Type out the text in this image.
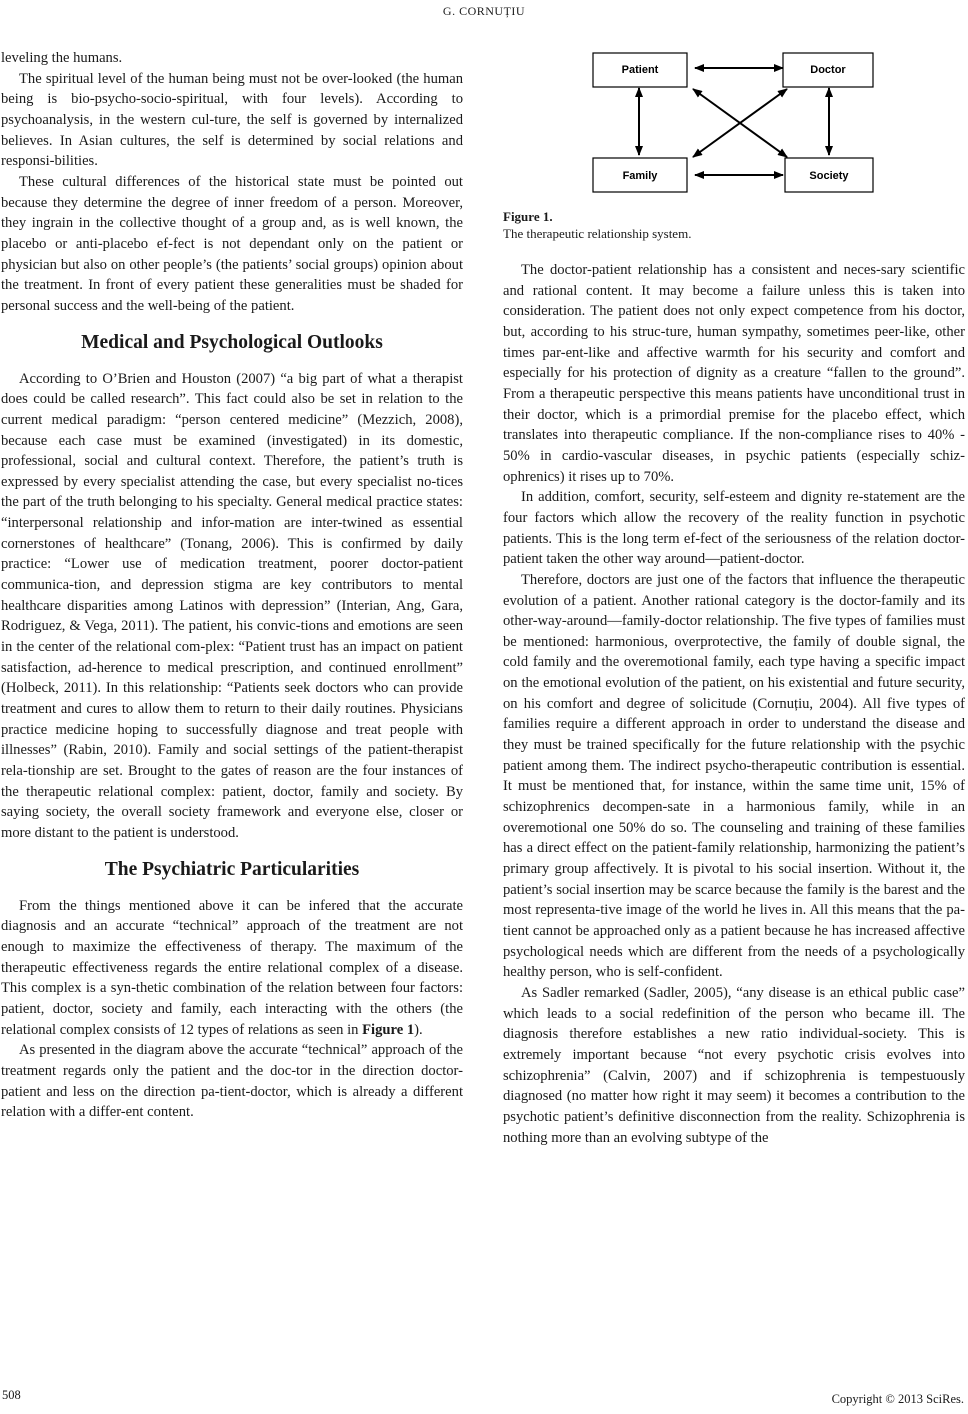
G. CORNUȚIU

leveling the humans.

The spiritual level of the human being must not be over-looked (the human being is bio-psycho-socio-spiritual, with four levels). According to psychoanalysis, in the western cul-ture, the self is governed by internalized believes. In Asian cultures, the self is determined by social relations and responsi-bilities.

These cultural differences of the historical state must be pointed out because they determine the degree of inner freedom of a person. Moreover, they ingrain in the collective thought of a group and, as is well known, the placebo or anti-placebo ef-fect is not dependant only on the patient or physician but also on other people’s (the patients’ social groups) opinion about the treatment. In front of every patient these generalities must be shaded for personal success and the well-being of the patient.

Medical and Psychological Outlooks

According to O’Brien and Houston (2007) “a big part of what a therapist does could be called research”. This fact could also be set in relation to the current medical paradigm: “person centered medicine” (Mezzich, 2008), because each case must be examined (investigated) in its domestic, professional, social and cultural context. Therefore, the patient’s truth is expressed by every specialist attending the case, but every specialist no-tices the part of the truth belonging to his specialty. General medical practice states: “interpersonal relationship and infor-mation are inter-twined as essential cornerstones of healthcare” (Tonang, 2006). This is confirmed by daily practice: “Lower use of medication treatment, poorer doctor-patient communica-tion, and depression stigma are key contributors to mental healthcare disparities among Latinos with depression” (Interian, Ang, Gara, Rodriguez, & Vega, 2011). The patient, his convic-tions and emotions are seen in the center of the relational com-plex: “Patient trust has an impact on patient satisfaction, ad-herence to medical prescription, and continued enrollment” (Holbeck, 2011). In this relationship: “Patients seek doctors who can provide treatment and cures to allow them to return to their daily routines. Physicians practice medicine hoping to successfully diagnose and treat people with illnesses” (Rabin, 2010). Family and social settings of the patient-therapist rela-tionship are set. Brought to the gates of reason are the four instances of the therapeutic relational complex: patient, doctor, family and society. By saying society, the overall society framework and everyone else, closer or more distant to the patient is understood.

The Psychiatric Particularities

From the things mentioned above it can be infered that the accurate diagnosis and an accurate “technical” approach of the treatment are not enough to maximize the effectiveness of therapy. The maximum of the therapeutic effectiveness regards the entire relational complex of a disease. This complex is a syn-thetic combination of the relation between four factors: patient, doctor, society and family, each interacting with the others (the relational complex consists of 12 types of relations as seen in Figure 1).

As presented in the diagram above the accurate “technical” approach of the treatment regards only the patient and the doc-tor in the direction doctor-patient and less on the direction pa-tient-doctor, which is already a different relation with a differ-ent content.

Patient	Doctor
Family	Society
Figure 1.
The therapeutic relationship system.

The doctor-patient relationship has a consistent and neces-sary scientific and rational content. It may become a failure unless this is taken into consideration. The patient does not only expect competence from his doctor, but, according to his struc-ture, human sympathy, sometimes peer-like, other times par-ent-like and affective warmth for his security and comfort and especially for his protection of dignity as a creature “fallen to the ground”. From a therapeutic perspective this means patients have unconditional trust in their doctor, which is a primordial premise for the placebo effect, which translates into therapeutic compliance. If the non-compliance rises to 40% - 50% in cardio-vascular diseases, in psychic patients (especially schiz-ophrenics) it rises up to 70%.

In addition, comfort, security, self-esteem and dignity re-statement are the four factors which allow the recovery of the reality function in psychotic patients. This is the long term ef-fect of the seriousness of the relation doctor-patient taken the other way around—patient-doctor.

Therefore, doctors are just one of the factors that influence the therapeutic evolution of a patient. Another rational category is the doctor-family and its other-way-around—family-doctor relationship. The five types of families must be mentioned: harmonious, overprotective, the family of double signal, the cold family and the overemotional family, each type having a specific impact on the emotional evolution of the patient, on his existential and future security, on his comfort and degree of solicitude (Cornuțiu, 2004). All five types of families require a different approach in order to understand the disease and they must be trained specifically for the future relationship with the psychic patient among them. The indirect psycho-therapeutic contribution is essential. It must be mentioned that, for instance, within the same time unit, 15% of schizophrenics decompen-sate in a harmonious family, while in an overemotional one 50% do so. The counseling and training of these families has a direct effect on the patient-family relationship, harmonizing the patient’s primary group affectively. It is pivotal to his social insertion. Without it, the patient’s social insertion may be scarce because the family is the barest and the most representa-tive image of the world he lives in. All this means that the pa-tient cannot be approached only as a patient because he has increased affective psychological needs which are different from the needs of a psychologically healthy person, who is self-confident.

As Sadler remarked (Sadler, 2005), “any disease is an ethical public case” which leads to a social redefinition of the person who became ill. The diagnosis therefore establishes a new ratio individual-society. This is extremely important because “not every psychotic crisis evolves into schizophrenia” (Calvin, 2007) and if schizophrenia is tempestuously diagnosed (no matter how right it may seem) it becomes a contribution to the psychotic patient’s definitive disconnection from the reality. Schizophrenia is nothing more than an evolving subtype of the

508	Copyright © 2013 SciRes.
